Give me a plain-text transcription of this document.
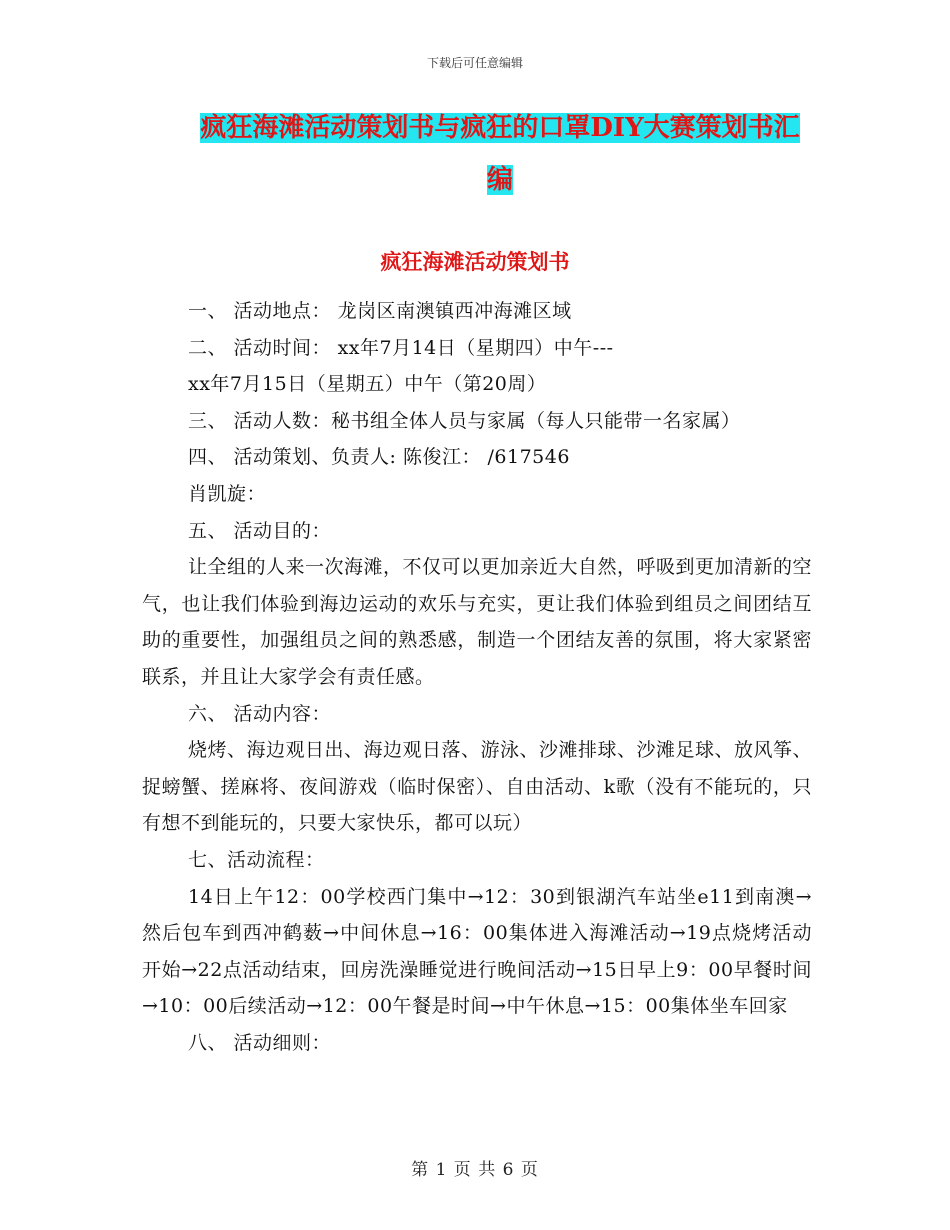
下载后可任意编辑
疯狂海滩活动策划书与疯狂的口罩DIY大赛策划书汇
编
疯狂海滩活动策划书

一、 活动地点： 龙岗区南澳镇西冲海滩区域

二、 活动时间： xx年7月14日（星期四）中午---

xx年7月15日（星期五）中午（第20周）

三、 活动人数：秘书组全体人员与家属（每人只能带一名家属）

四、 活动策划、负责人: 陈俊江： /617546

肖凯旋：

五、 活动目的：

让全组的人来一次海滩，不仅可以更加亲近大自然，呼吸到更加清新的空气，也让我们体验到海边运动的欢乐与充实，更让我们体验到组员之间团结互助的重要性，加强组员之间的熟悉感，制造一个团结友善的氛围，将大家紧密联系，并且让大家学会有责任感。

六、 活动内容：

烧烤、海边观日出、海边观日落、游泳、沙滩排球、沙滩足球、放风筝、捉螃蟹、搓麻将、夜间游戏（临时保密）、自由活动、k歌（没有不能玩的，只有想不到能玩的，只要大家快乐，都可以玩）

七、活动流程：

14日上午12：00学校西门集中→12：30到银湖汽车站坐e11到南澳→然后包车到西冲鹤薮→中间休息→16：00集体进入海滩活动→19点烧烤活动开始→22点活动结束，回房洗澡睡觉进行晚间活动→15日早上9：00早餐时间→10：00后续活动→12：00午餐是时间→中午休息→15：00集体坐车回家

八、 活动细则：

第 1 页 共 6 页
